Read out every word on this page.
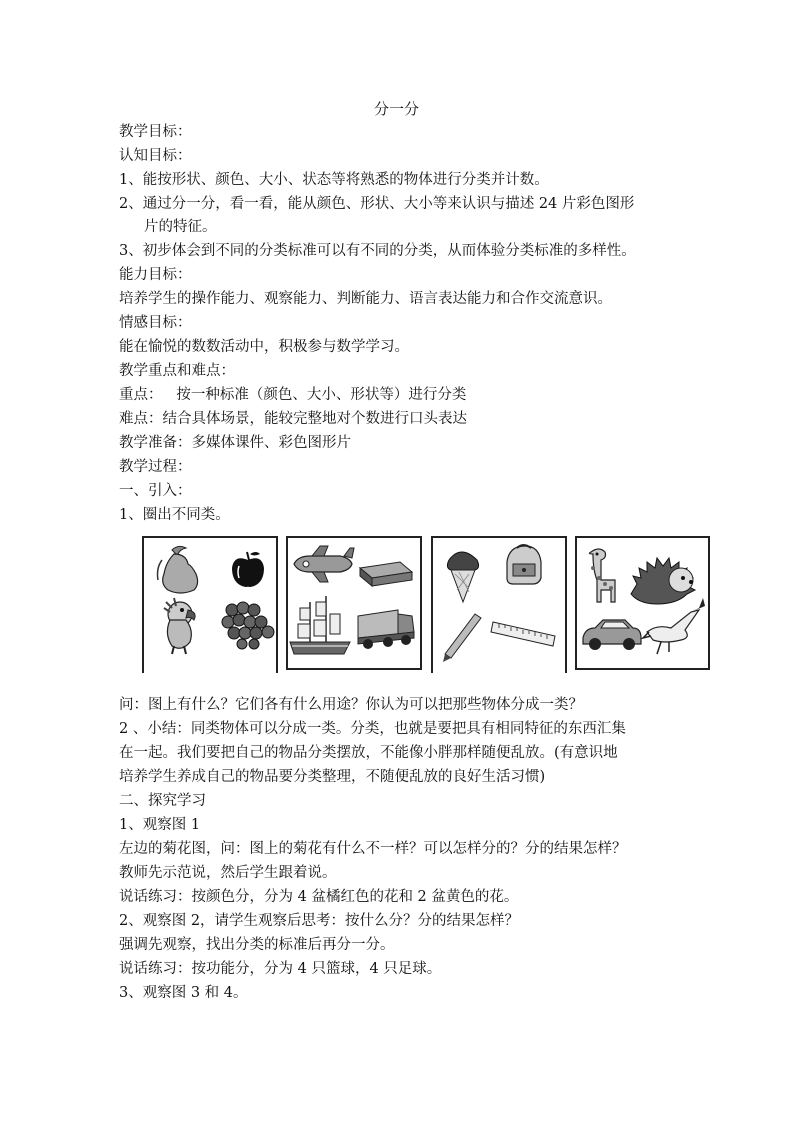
分一分
教学目标：
认知目标：
1、能按形状、颜色、大小、状态等将熟悉的物体进行分类并计数。
2、通过分一分，看一看，能从颜色、形状、大小等来认识与描述 24 片彩色图形
片的特征。
3、初步体会到不同的分类标准可以有不同的分类，从而体验分类标准的多样性。
能力目标：
培养学生的操作能力、观察能力、判断能力、语言表达能力和合作交流意识。
情感目标：
能在愉悦的数数活动中，积极参与数学学习。
教学重点和难点：
重点：   按一种标准（颜色、大小、形状等）进行分类
难点：结合具体场景，能较完整地对个数进行口头表达
教学准备：多媒体课件、彩色图形片
教学过程：
一、引入：
1、圈出不同类。
问：图上有什么？它们各有什么用途？你认为可以把那些物体分成一类？
2 、小结：同类物体可以分成一类。分类，也就是要把具有相同特征的东西汇集
在一起。我们要把自己的物品分类摆放，不能像小胖那样随便乱放。(有意识地
培养学生养成自己的物品要分类整理，不随便乱放的良好生活习惯)
二、探究学习
1、观察图 1
左边的菊花图，问：图上的菊花有什么不一样？可以怎样分的？分的结果怎样？
教师先示范说，然后学生跟着说。
说话练习：按颜色分，分为 4 盆橘红色的花和 2 盆黄色的花。
2、观察图 2，请学生观察后思考：按什么分？分的结果怎样？
强调先观察，找出分类的标准后再分一分。
说话练习：按功能分，分为 4 只篮球，4 只足球。
3、观察图 3 和 4。
